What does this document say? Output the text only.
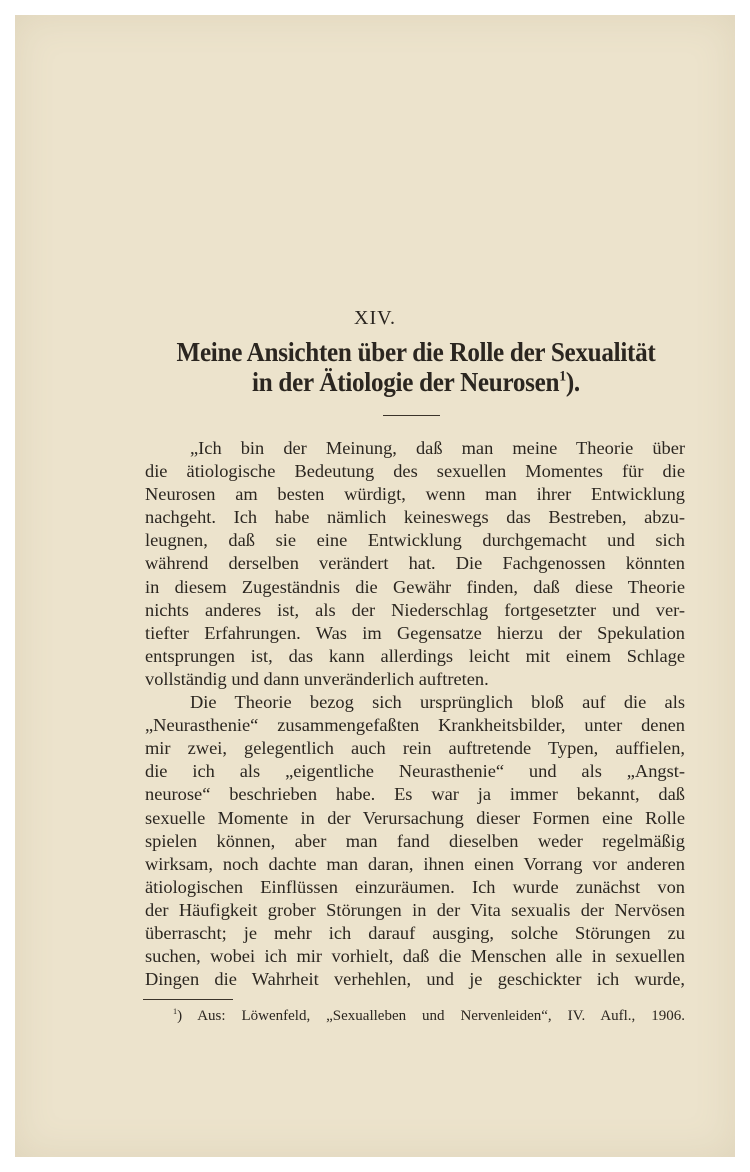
XIV.
Meine Ansichten über die Rolle der Sexualität
in der Ätiologie der Neurosen$^1$).
„Ich bin der Meinung, daß man meine Theorie über
die ätiologische Bedeutung des sexuellen Momentes für die
Neurosen am besten würdigt, wenn man ihrer Entwicklung
nachgeht. Ich habe nämlich keineswegs das Bestreben, abzu-
leugnen, daß sie eine Entwicklung durchgemacht und sich
während derselben verändert hat. Die Fachgenossen könnten
in diesem Zugeständnis die Gewähr finden, daß diese Theorie
nichts anderes ist, als der Niederschlag fortgesetzter und ver-
tiefter Erfahrungen. Was im Gegensatze hierzu der Spekulation
entsprungen ist, das kann allerdings leicht mit einem Schlage
vollständig und dann unveränderlich auftreten.
Die Theorie bezog sich ursprünglich bloß auf die als
„Neurasthenie“ zusammengefaßten Krankheitsbilder, unter denen
mir zwei, gelegentlich auch rein auftretende Typen, auffielen,
die ich als „eigentliche Neurasthenie“ und als „Angst-
neurose“ beschrieben habe. Es war ja immer bekannt, daß
sexuelle Momente in der Verursachung dieser Formen eine Rolle
spielen können, aber man fand dieselben weder regelmäßig
wirksam, noch dachte man daran, ihnen einen Vorrang vor anderen
ätiologischen Einflüssen einzuräumen. Ich wurde zunächst von
der Häufigkeit grober Störungen in der Vita sexualis der Nervösen
überrascht; je mehr ich darauf ausging, solche Störungen zu
suchen, wobei ich mir vorhielt, daß die Menschen alle in sexuellen
Dingen die Wahrheit verhehlen, und je geschickter ich wurde,
$^1$) Aus: Löwenfeld, „Sexualleben und Nervenleiden“, IV. Aufl., 1906.
